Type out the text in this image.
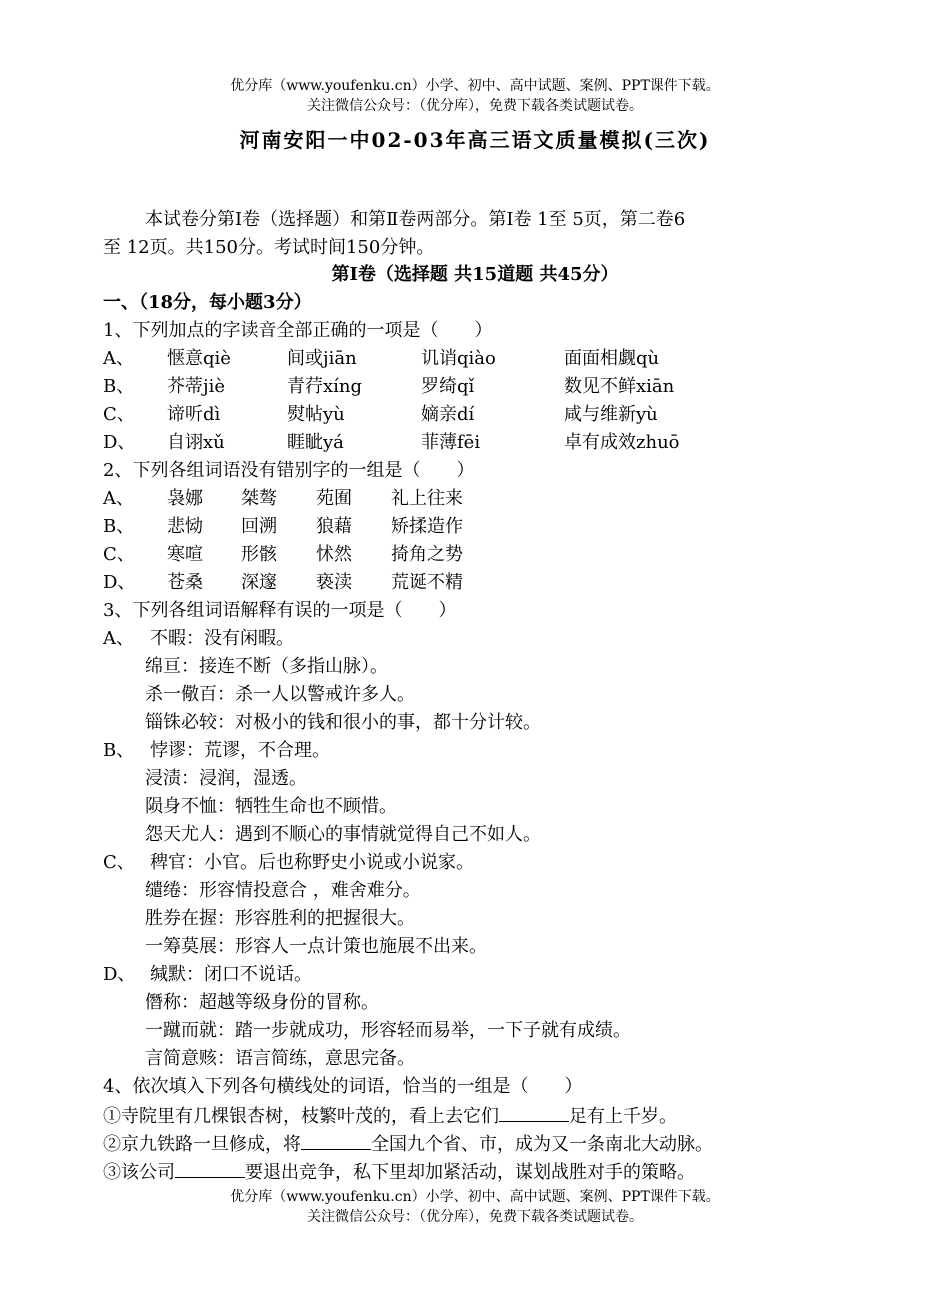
优分库（www.youfenku.cn）小学、初中、高中试题、案例、PPT课件下载。
关注微信公众号：（优分库），免费下载各类试题试卷。
河南安阳一中02-03年高三语文质量模拟(三次)
本试卷分第Ⅰ卷（选择题）和第Ⅱ卷两部分。第Ⅰ卷 1至 5页，第二卷6
至 12页。共150分。考试时间150分钟。
第Ⅰ卷（选择题 共15道题 共45分）
一、（18分，每小题3分）
1、下列加点的字读音全部正确的一项是（　　）
A、 惬意qiè	间或jiān	讥诮qiào	面面相觑qù
B、 芥蒂jiè	青荇xíng	罗绮qǐ	数见不鲜xiān
C、 谛听dì	熨帖yù	嫡亲dí	咸与维新yù
D、 自诩xǔ	睚眦yá	菲薄fēi	卓有成效zhuō
2、下列各组词语没有错别字的一组是（　　）
A、 袅娜 桀骜 苑囿 礼上往来
B、 悲恸 回溯 狼藉 矫揉造作
C、 寒喧 形骸 怵然 掎角之势
D、 苍桑 深邃 亵渎 荒诞不精
3、下列各组词语解释有误的一项是（　　）
A、 不暇：没有闲暇。
绵亘：接连不断（多指山脉）。
杀一儆百：杀一人以警戒许多人。
锱铢必较：对极小的钱和很小的事，都十分计较。
B、 悖谬：荒谬，不合理。
浸渍：浸润，湿透。
陨身不恤：牺牲生命也不顾惜。
怨天尤人：遇到不顺心的事情就觉得自己不如人。
C、 稗官：小官。后也称野史小说或小说家。
缱绻：形容情投意合 ，难舍难分。
胜券在握：形容胜利的把握很大。
一筹莫展：形容人一点计策也施展不出来。
D、 缄默：闭口不说话。
僭称：超越等级身份的冒称。
一蹴而就：踏一步就成功，形容轻而易举，一下子就有成绩。
言简意赅：语言简练，意思完备。
4、依次填入下列各句横线处的词语，恰当的一组是（　　）
①寺院里有几棵银杏树，枝繁叶茂的，看上去它们	足有上千岁。
②京九铁路一旦修成，将	全国九个省、市，成为又一条南北大动脉。
③该公司	要退出竞争，私下里却加紧活动，谋划战胜对手的策略。
优分库（www.youfenku.cn）小学、初中、高中试题、案例、PPT课件下载。
关注微信公众号：（优分库），免费下载各类试题试卷。
